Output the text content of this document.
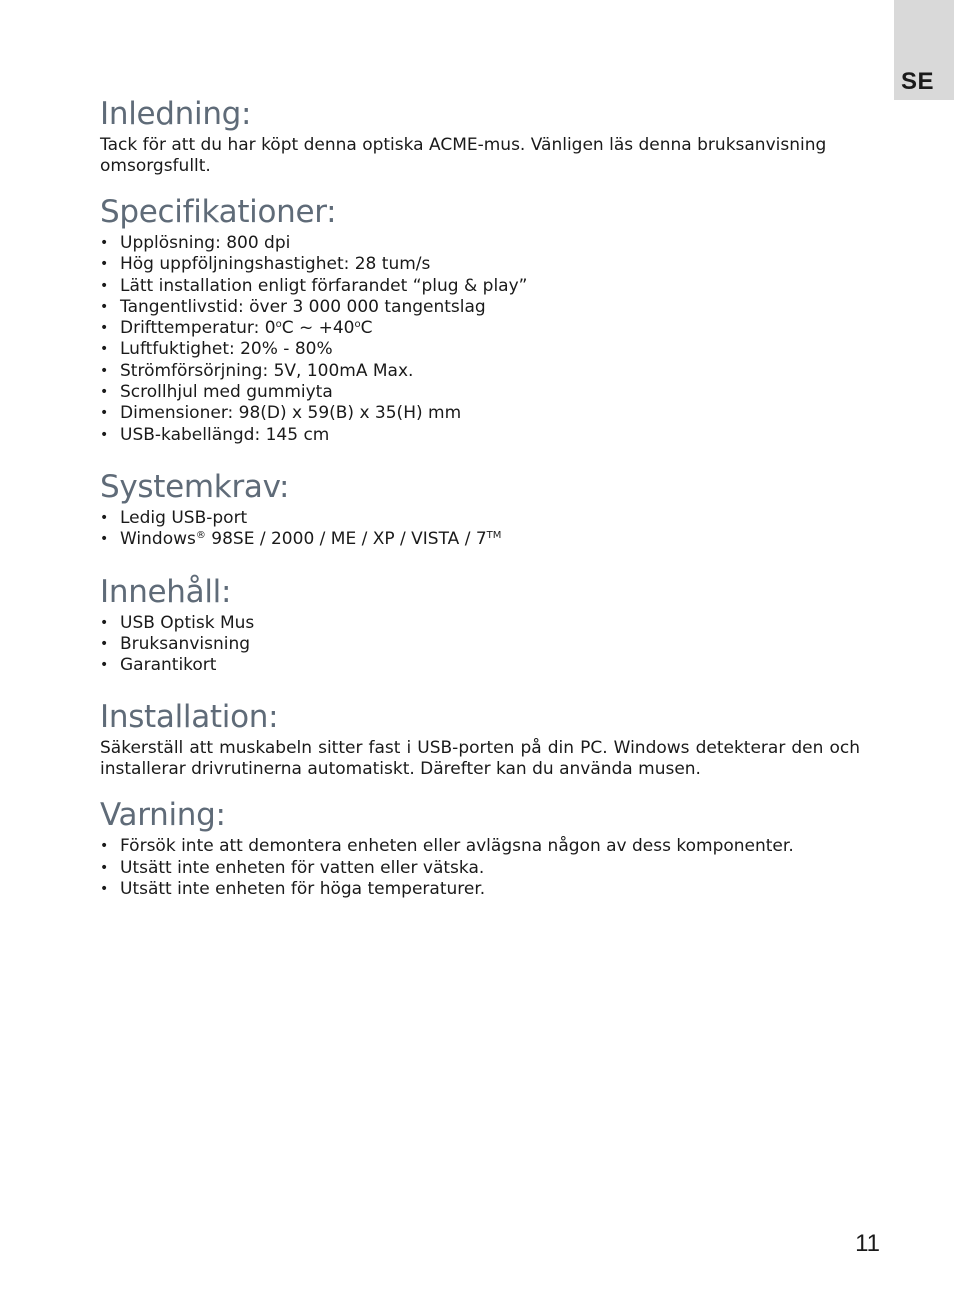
SE
Inledning:

Tack för att du har köpt denna optiska ACME-mus. Vänligen läs denna bruksanvisning omsorgsfullt.

Specifikationer:
• Upplösning: 800 dpi
• Hög uppföljningshastighet: 28 tum/s
• Lätt installation enligt förfarandet “plug & play”
• Tangentlivstid: över 3 000 000 tangentslag
• Drifttemperatur: 0$^o$C ~ $+40^oC$
• Luftfuktighet: 20% - 80%
• Strömförsörjning: 5V, 100mA Max.
• Scrollhjul med gummiyta
• Dimensioner: 98(D) x 59(B) x 35(H) mm
• USB-kabellängd: 145 cm
Systemkrav:
• Ledig USB-port
• Windows® 98SE / 2000 / ME / XP / VISTA / 7™
Innehåll:
• USB Optisk Mus
• Bruksanvisning
• Garantikort
Installation:

Säkerställ att muskabeln sitter fast i USB-porten på din PC. Windows detekterar den och installerar drivrutinerna automatiskt. Därefter kan du använda musen.

Varning:
• Försök inte att demontera enheten eller avlägsna någon av dess komponenter.
• Utsätt inte enheten för vatten eller vätska.
• Utsätt inte enheten för höga temperaturer.
11
